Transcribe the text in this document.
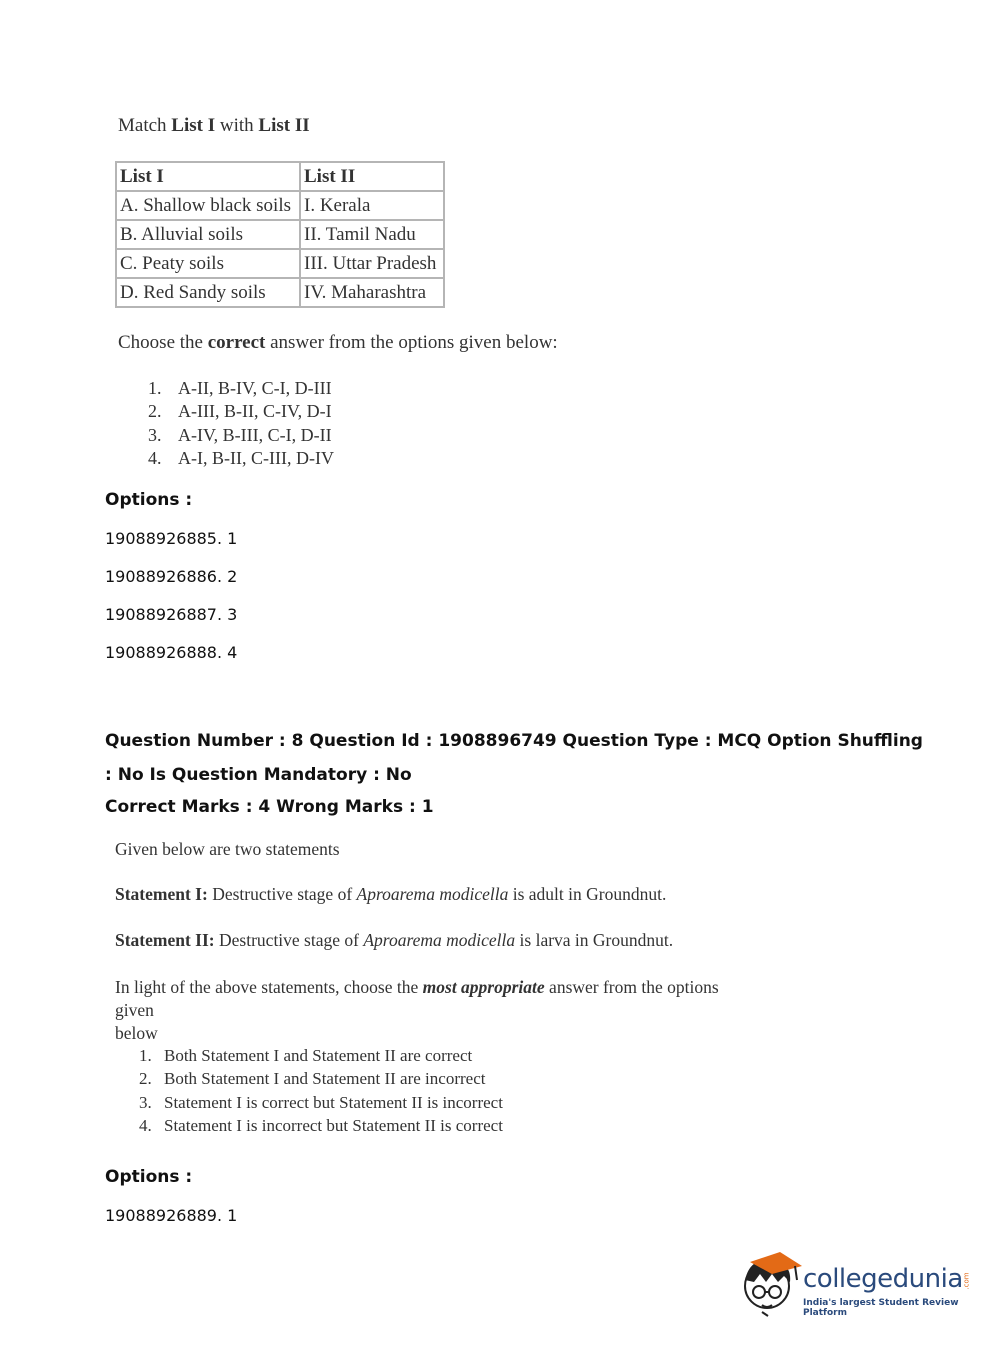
Match List I with List II
List I	List II
A. Shallow black soils	I. Kerala
B. Alluvial soils	II. Tamil Nadu
C. Peaty soils	III. Uttar Pradesh
D. Red Sandy soils	IV. Maharashtra
Choose the correct answer from the options given below:
1. A-II, B-IV, C-I, D-III
2. A-III, B-II, C-IV, D-I
3. A-IV, B-III, C-I, D-II
4. A-I, B-II, C-III, D-IV
Options :
19088926885. 1
19088926886. 2
19088926887. 3
19088926888. 4
Question Number : 8 Question Id : 1908896749 Question Type : MCQ Option Shuffling : No Is Question Mandatory : No
Correct Marks : 4 Wrong Marks : 1
Given below are two statements
Statement I: Destructive stage of Aproarema modicella is adult in Groundnut.
Statement II: Destructive stage of Aproarema modicella is larva in Groundnut.
In light of the above statements, choose the most appropriate answer from the options given
below
1. Both Statement I and Statement II are correct
2. Both Statement I and Statement II are incorrect
3. Statement I is correct but Statement II is incorrect
4. Statement I is incorrect but Statement II is correct
Options :
19088926889. 1
collegedunia .com
India's largest Student Review Platform
